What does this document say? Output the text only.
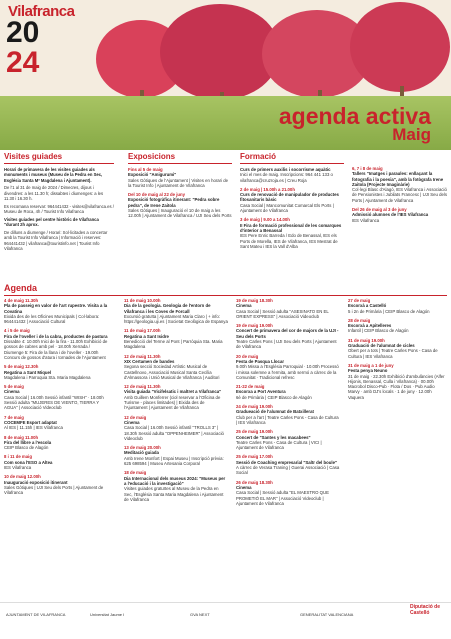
Vilafranca
20
24
agenda activa
Maig
Visites guiades
Horari de primavera de les visites guiades als monuments i museus (Museu de la Pedra en Sec, Església Santa Mª Magdalena i Ajuntament).
De l'1 al 31 de maig de 2024 / Dimecres, dijous i divendres: a les 11.30 h; dissabtes i diumenges: a les 11.30 i 16.30 h.
Es recomana reservar: 964441432 - visites@vilafranca.es / Museu de Roca, 4h / Tourist Info Vilafranca
Visites guiades pel centre històric de Vilafranca "durant 2h aprox.
De dilluns a diumenge / Horari: Sol·licitades a concertar amb la Tourist Info Vilafranca | Informació i reserves: 964441432 | vilafranca@touristinfo.net | Tourist Info Vilafranca
Exposicions
Fins al 5 de maig
Exposició "Amigurumi"
Sales Gòtiques de l'Ajuntament | Visites en horari de la Tourist Info | Ajuntament de Vilafranca
Del 10 de maig al 22 de juny
Exposició fotogràfica itinerant: "Pedra sobre pedra", de Irene Zaitola
Sales Gòtiques | Inauguració el 10 de maig a les 12.00h | Ajuntament de Vilafranca / UJI Seu dels Ports
Formació
Curs de primers auxilis i socorrisme aquàtic
Inici el mes de maig. Inscripcions: 964 441 133 o vilafranca@cruzroja.es | Creu Roja
2 de maig | 15.00h a 21.00h
Curs de renovació de manipulador de productes fitosanitaris bàsic
Casa Social | Mancomunitat Comarcal Els Ports | Ajuntament de Vilafranca
3 de maig | 9.00 a 14.00h
II Fira de formació professional de les comarques d'interior a Benassal
IES Pere Enric Barreda / Edo de Benassal, IES els Ports de Morella, IES de Vilafranca, IES Mestrat de Sant Mateu i IES la Vall d'Alba
6, 7 i 8 de maig
Tallers "Imatges i paraules: enllaçant la fotografia i la poesia", amb la fotògrafa Irene Zaitola (Projecte Imaginàrie)
Col·legi Blasc d'Alagó, IES Vilafranca i Associació de Pensionistes i Jubilats Francesc | UJI Seu dels Ports | Ajuntament de Vilafranca
Del 26 de maig al 3 de juny
Admissió alumnes de l'IES Vilafranca
IES Vilafranca
Agenda
4 de maig 11.30h
Pla de passeig en valor de l'art rupestre. Visita a la Covatina
Eixida des de les Oficines Municipals | Col·labora: 964441432 | Associació Cultural
4 i 5 de maig
Fira de l'oveller i de la cabra, productes de pastura
Dissabte 4: 10.00h Inici de la fira - 11.00h Exhibició de gossos de cabres amb pel · 18.00h Xerrada / Diumenge 5: Fira de la llana i de l'oveller · 19.00h Concurs de gossos d'atura i tornades de l'Ajuntament
5 de maig 12.30h
Regatina a Sant Miquel
Magdalena i Parroquia Sta. Maria Magdalena
5 de maig
Cinema
Casa Social | 16.00h Sessió infantil "WISH" · 18.00h Sessió adulta "MUJERES DE VIENTO, TIERRA Y AGUA" | Associació Videoclub
7 de maig
COCEMFE Esport adaptat
Al IES | 11.15h | IES Vilafranca
8 de maig 11.00h
Fira del llibre a l'escola
CEIP Blasco de Alagón
8 i 11 de maig
Com sona l'ESO a Altea
IES Vilafranca
10 de maig 12.00h
Inauguració exposició itinerant
Sales Gòtiques | UJI Seu dels Ports | Ajuntament de Vilafranca
11 de maig 10.00h
Dia de la geologia. Geologia de l'entorn de Vilafranca i les Coves de Forcall
Excursió gratuïta | Ajuntament Maria Claro | + info: https://geologia.uji.es | Societat Geològica de Espanya
11 de maig 17.00h
Regatina a Sant Isidre
Benedicció del Terme al Pont | Parròquia Sta. Maria Magdalena
12 de maig 11.30h
XIX Certamen de bandes
Segona secció Sociedad Artístic Musical de Castellnovo, Associació Musical Santa Cecília d'Almassora i Unió Musical de Vilafranca | Auditori
12 de maig 11.30h
Visita guiada "Vicifelsatic i maltret a Vilafranca"
Amb Guillem Monferrer (ciol reservar a l'Oficina de Turisme - places limitades) | Eixida des de l'Ajuntament | Ajuntament de Vilafranca
12 de maig
Cinema
Casa Social | 16.00h Sessió infantil "TROLLS 3" | 18.30h Sessió adulta "OPPENHEIMER" | Associació Videoclub
13 de maig 20.00h
Meditació guiada
Amb Irene Monfort | Espai Museu | Inscripció prèvia: 625 698594 | Museu Artesania Corporal
18 de maig
Dia Internacional dels museus 2024: "Museus per a l'educació i la investigació"
Visites guiades gratuïtes al Museu de la Pedra en Sec, l'Església Santa Maria Magdalena i Ajuntament de Vilafranca
19 de maig 18.30h
Cinema
Casa Social | Sessió adulta "ASESINATO EN EL ORIENT EXPRESS" | Associació Videoclub
19 de maig 19.00h
Concert de primavera del cor de majors de la UJI - Seu dels Ports
Teatre Carles Pons | UJI Seu dels Ports | Ajuntament de Vilafranca
20 de maig
Festa de Pasqua Llocar
9.00h Missa a l'Església Parroquial · 10.00h Processó i missa solemne a l'ermita, amb sermó a càrrec de la Comunitat · Tradicional refresc
21-22 de maig
Escorxa a Port Aventura
6è de Primària | CEIP Blasco de Alagón
24 de maig 19.00h
Gradueació de l'alumnat de Batxillerat
Club per a l'art | Teatre Carles Pons - Casa de Cultura | IES Vilafranca
25 de maig 19.00h
Concert de "Santes y les macabees"
Teatre Carles Pons - Casa de Cultura | VICI | Ajuntament de Vilafranca
25 de maig 17.00h
Sessió de Coaching empresarial "Saltr del boule"
A càrrec de Verasa Traning | Guerai Associació | Casa Social
26 de maig 18.30h
Cinema
Casa Social | Sessió adulta "EL MAESTRO QUE PROMETIÓ EL MAR" | Associació Videoclub | Ajuntament de Vilafranca
27 de maig
Escorxà a Castelló
5 i 2n de Primària | CEIP Blasco de Alagón
28 de maig
Escorxà a Apitelleres
Infantil | CEIP Blasco de Alagón
31 de maig 19.00h
Graduació de l'alumnat de cicles
Obert per a tots | Teatre Carles Pons - Casa de Cultura | IES Vilafranca
31 de maig a 1 de juny
Festa penya Neuno
31 de maig · 22.30h Exhibició d'ambulàncies (Alfer Hijonis, Benassal, Culla i Vilafranca) · 00.00h Macrobol Disco-Pub · Flota / Dos · Pub Audio Marvy · amb DJ's locals · 1 de juny · 12.00h Vaquera
AJUNTAMENT DE VILAFRANCA	Universitat Jaume I	GVA NEXT	GENERALITAT VALENCIANA
Diputació de Castelló
